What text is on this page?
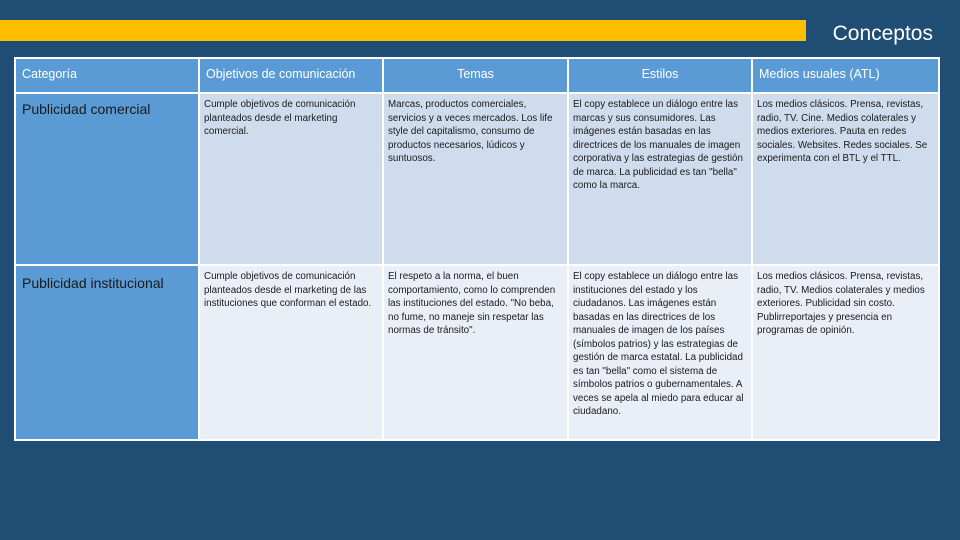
Conceptos
Categoría	Objetivos de comunicación	Temas	Estilos	Medios usuales (ATL)
Publicidad comercial	Cumple objetivos de comunicación planteados desde el marketing comercial.	Marcas, productos comerciales, servicios y a veces mercados. Los life style del capitalismo, consumo de productos necesarios, lúdicos y suntuosos.	El copy establece un diálogo entre las marcas y sus consumidores. Las imágenes están basadas en las directrices de los manuales de imagen corporativa y las estrategias de gestión de marca. La publicidad es tan "bella" como la marca.	Los medios clásicos. Prensa, revistas, radio, TV. Cine. Medios colaterales y medios exteriores. Pauta en redes sociales. Websites. Redes sociales. Se experimenta con el BTL y el TTL.
Publicidad institucional	Cumple objetivos de comunicación planteados desde el marketing de las instituciones que conforman el estado.	El respeto a la norma, el buen comportamiento, como lo comprenden las instituciones del estado. "No beba, no fume, no maneje sin respetar las normas de tránsito".	El copy establece un diálogo entre las instituciones del estado y los ciudadanos. Las imágenes están basadas en las directrices de los manuales de imagen de los países (símbolos patrios) y las estrategias de gestión de marca estatal. La publicidad es tan "bella" como el sistema de símbolos patrios o gubernamentales. A veces se apela al miedo para educar al ciudadano.	Los medios clásicos. Prensa, revistas, radio, TV. Medios colaterales y medios exteriores. Publicidad sin costo. Publirreportajes y presencia en programas de opinión.
